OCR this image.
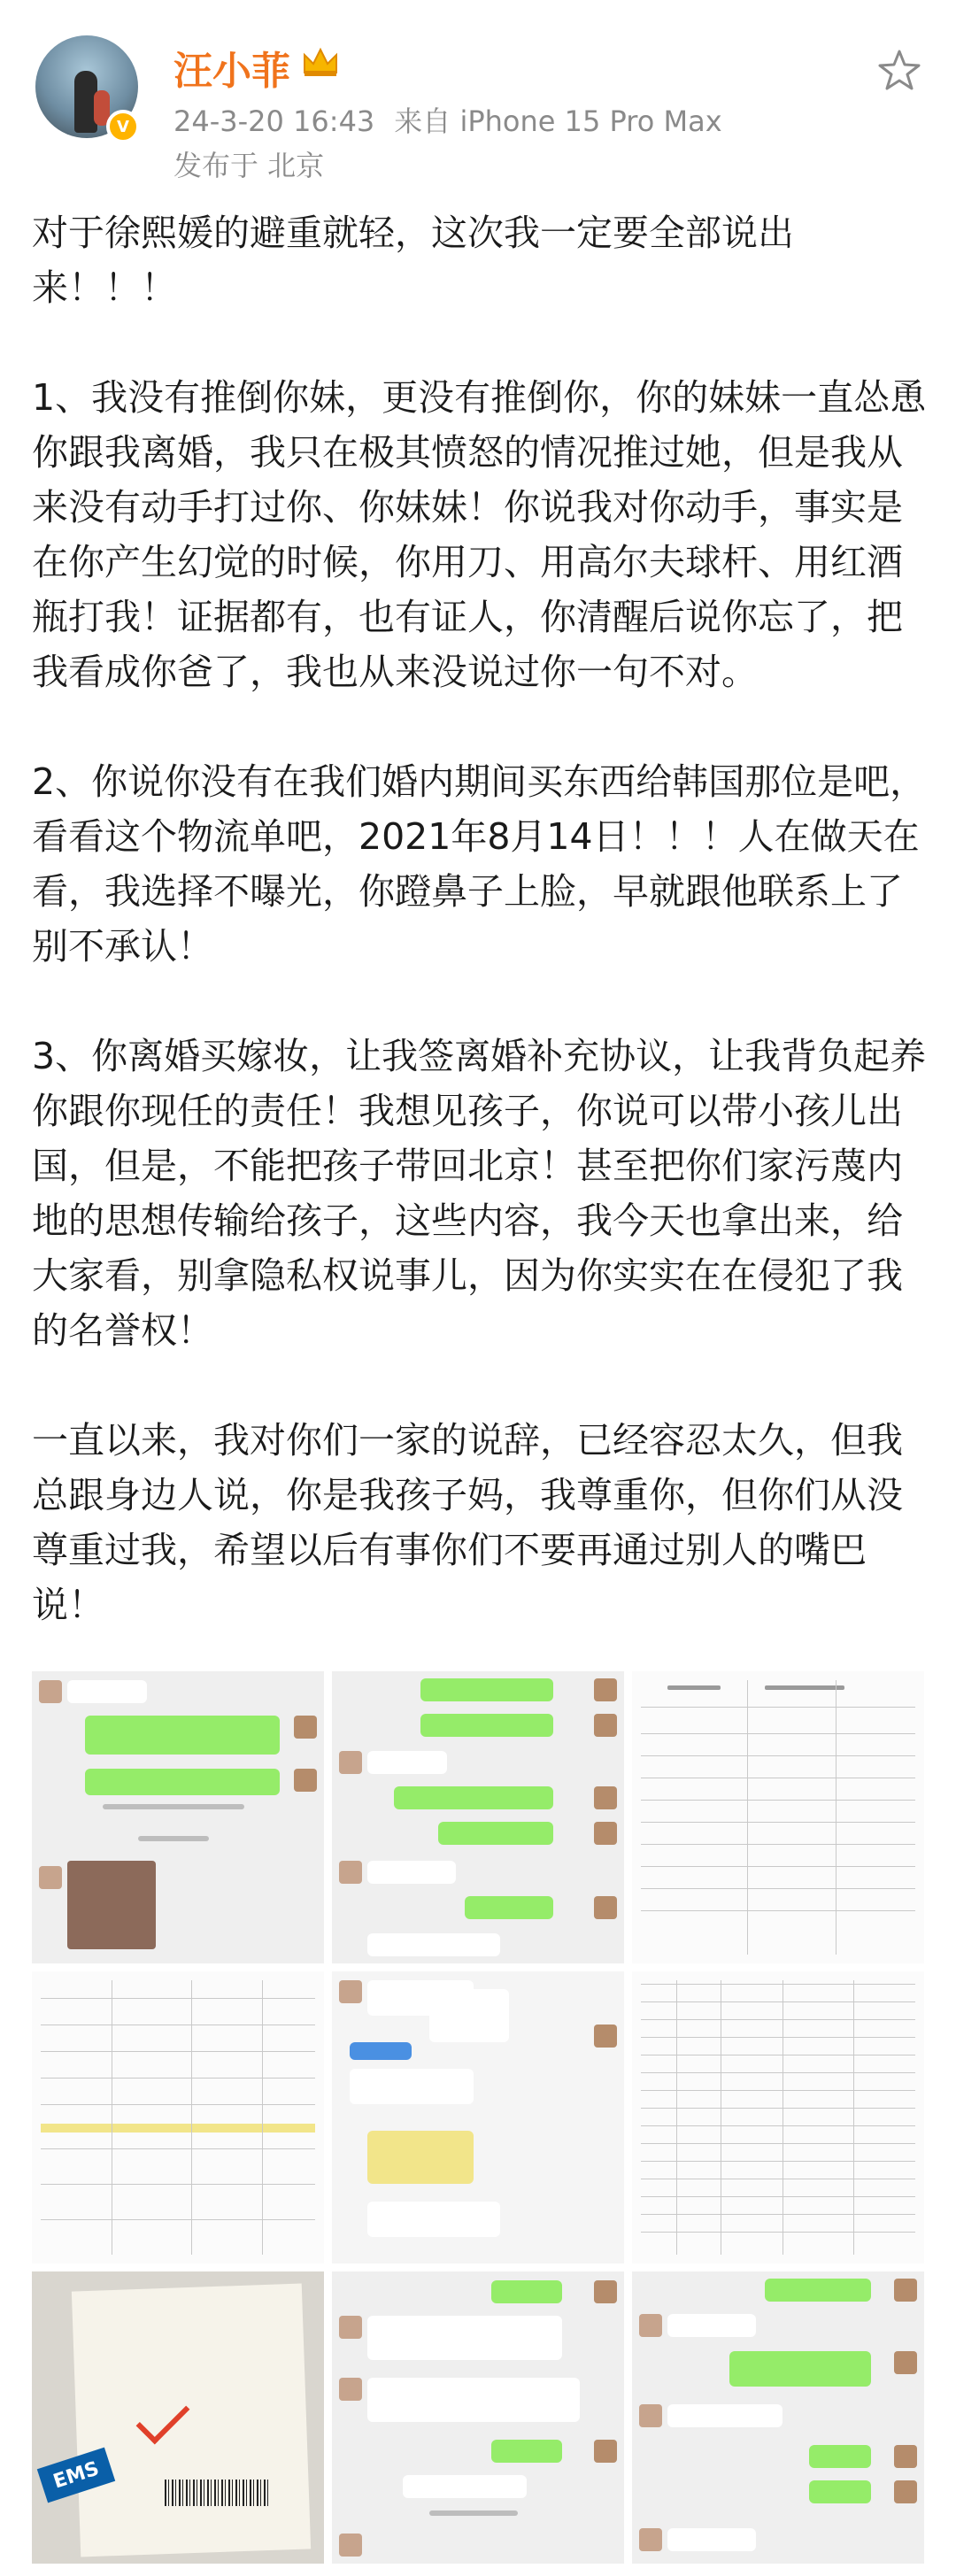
V
汪小菲
24-3-20 16:43 来自 iPhone 15 Pro Max
发布于 北京

对于徐熙媛的避重就轻，这次我一定要全部说出来！！！

1、我没有推倒你妹，更没有推倒你，你的妹妹一直怂恿你跟我离婚，我只在极其愤怒的情况推过她，但是我从来没有动手打过你、你妹妹！你说我对你动手，事实是在你产生幻觉的时候，你用刀、用高尔夫球杆、用红酒瓶打我！证据都有，也有证人，你清醒后说你忘了，把我看成你爸了，我也从来没说过你一句不对。

2、你说你没有在我们婚内期间买东西给韩国那位是吧，看看这个物流单吧，2021年8月14日！！！人在做天在看，我选择不曝光，你蹬鼻子上脸，早就跟他联系上了别不承认！

3、你离婚买嫁妆，让我签离婚补充协议，让我背负起养你跟你现任的责任！我想见孩子，你说可以带小孩儿出国，但是，不能把孩子带回北京！甚至把你们家污蔑内地的思想传输给孩子，这些内容，我今天也拿出来，给大家看，别拿隐私权说事儿，因为你实实在在侵犯了我的名誉权！

一直以来，我对你们一家的说辞，已经容忍太久，但我总跟身边人说，你是我孩子妈，我尊重你，但你们从没尊重过我，希望以后有事你们不要再通过别人的嘴巴说！

EMS
